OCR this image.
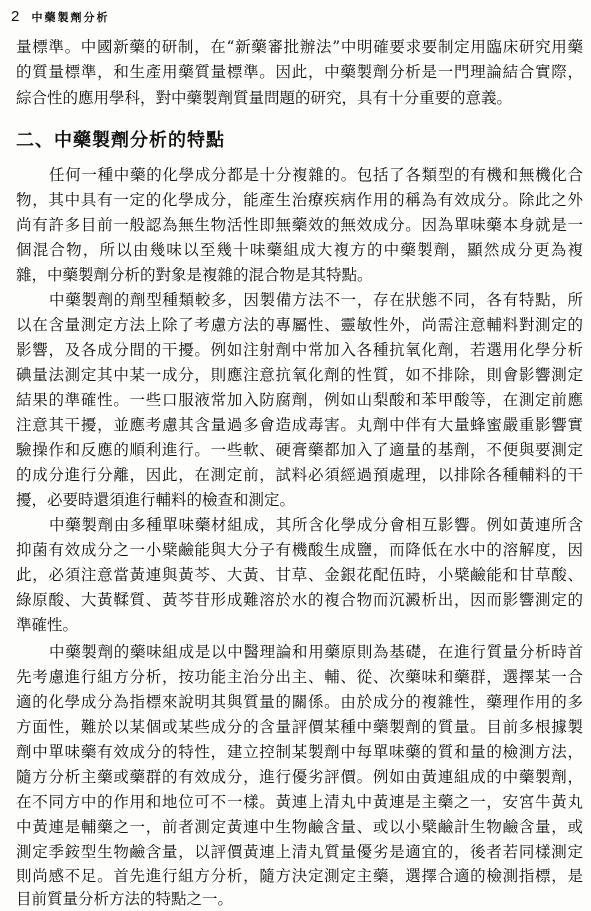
2 中藥製劑分析
量標準。中國新藥的研制，在“新藥審批辦法”中明確要求要制定用臨床研究用藥
的質量標準，和生產用藥質量標準。因此，中藥製劑分析是一門理論結合實際，
綜合性的應用學科，對中藥製劑質量問題的研究，具有十分重要的意義。
二、中藥製劑分析的特點
任何一種中藥的化學成分都是十分複雜的。包括了各類型的有機和無機化合
物，其中具有一定的化學成分，能產生治療疾病作用的稱為有效成分。除此之外
尚有許多目前一般認為無生物活性即無藥效的無效成分。因為單味藥本身就是一
個混合物，所以由幾味以至幾十味藥組成大複方的中藥製劑，顯然成分更為複
雜，中藥製劑分析的對象是複雜的混合物是其特點。
中藥製劑的劑型種類較多，因製備方法不一，存在狀態不同，各有特點，所
以在含量測定方法上除了考慮方法的專屬性、靈敏性外，尚需注意輔料對測定的
影響，及各成分間的干擾。例如注射劑中常加入各種抗氧化劑，若選用化學分析
碘量法測定其中某一成分，則應注意抗氧化劑的性質，如不排除，則會影響測定
結果的準確性。一些口服液常加入防腐劑，例如山梨酸和苯甲酸等，在測定前應
注意其干擾，並應考慮其含量過多會造成毒害。丸劑中伴有大量蜂蜜嚴重影響實
驗操作和反應的順利進行。一些軟、硬膏藥都加入了適量的基劑，不便與要測定
的成分進行分離，因此，在測定前，試料必須經過預處理，以排除各種輔料的干
擾，必要時還須進行輔料的檢查和測定。
中藥製劑由多種單味藥材組成，其所含化學成分會相互影響。例如黃連所含
抑菌有效成分之一小檗鹼能與大分子有機酸生成鹽，而降低在水中的溶解度，因
此，必須注意當黃連與黃芩、大黃、甘草、金銀花配伍時，小檗鹼能和甘草酸、
綠原酸、大黃鞣質、黃芩苷形成難溶於水的複合物而沉澱析出，因而影響測定的
準確性。
中藥製劑的藥味組成是以中醫理論和用藥原則為基礎，在進行質量分析時首
先考慮進行組方分析，按功能主治分出主、輔、從、次藥味和藥群，選擇某一合
適的化學成分為指標來說明其與質量的關係。由於成分的複雜性，藥理作用的多
方面性，難於以某個或某些成分的含量評價某種中藥製劑的質量。目前多根據製
劑中單味藥有效成分的特性，建立控制某製劑中每單味藥的質和量的檢測方法，
隨方分析主藥或藥群的有效成分，進行優劣評價。例如由黃連組成的中藥製劑，
在不同方中的作用和地位可不一樣。黃連上清丸中黃連是主藥之一，安宮牛黃丸
中黃連是輔藥之一，前者測定黃連中生物鹼含量、或以小檗鹼計生物鹼含量，或
測定季銨型生物鹼含量，以評價黃連上清丸質量優劣是適宜的，後者若同樣測定
則尚感不足。首先進行組方分析，隨方決定測定主藥，選擇合適的檢測指標，是
目前質量分析方法的特點之一。
